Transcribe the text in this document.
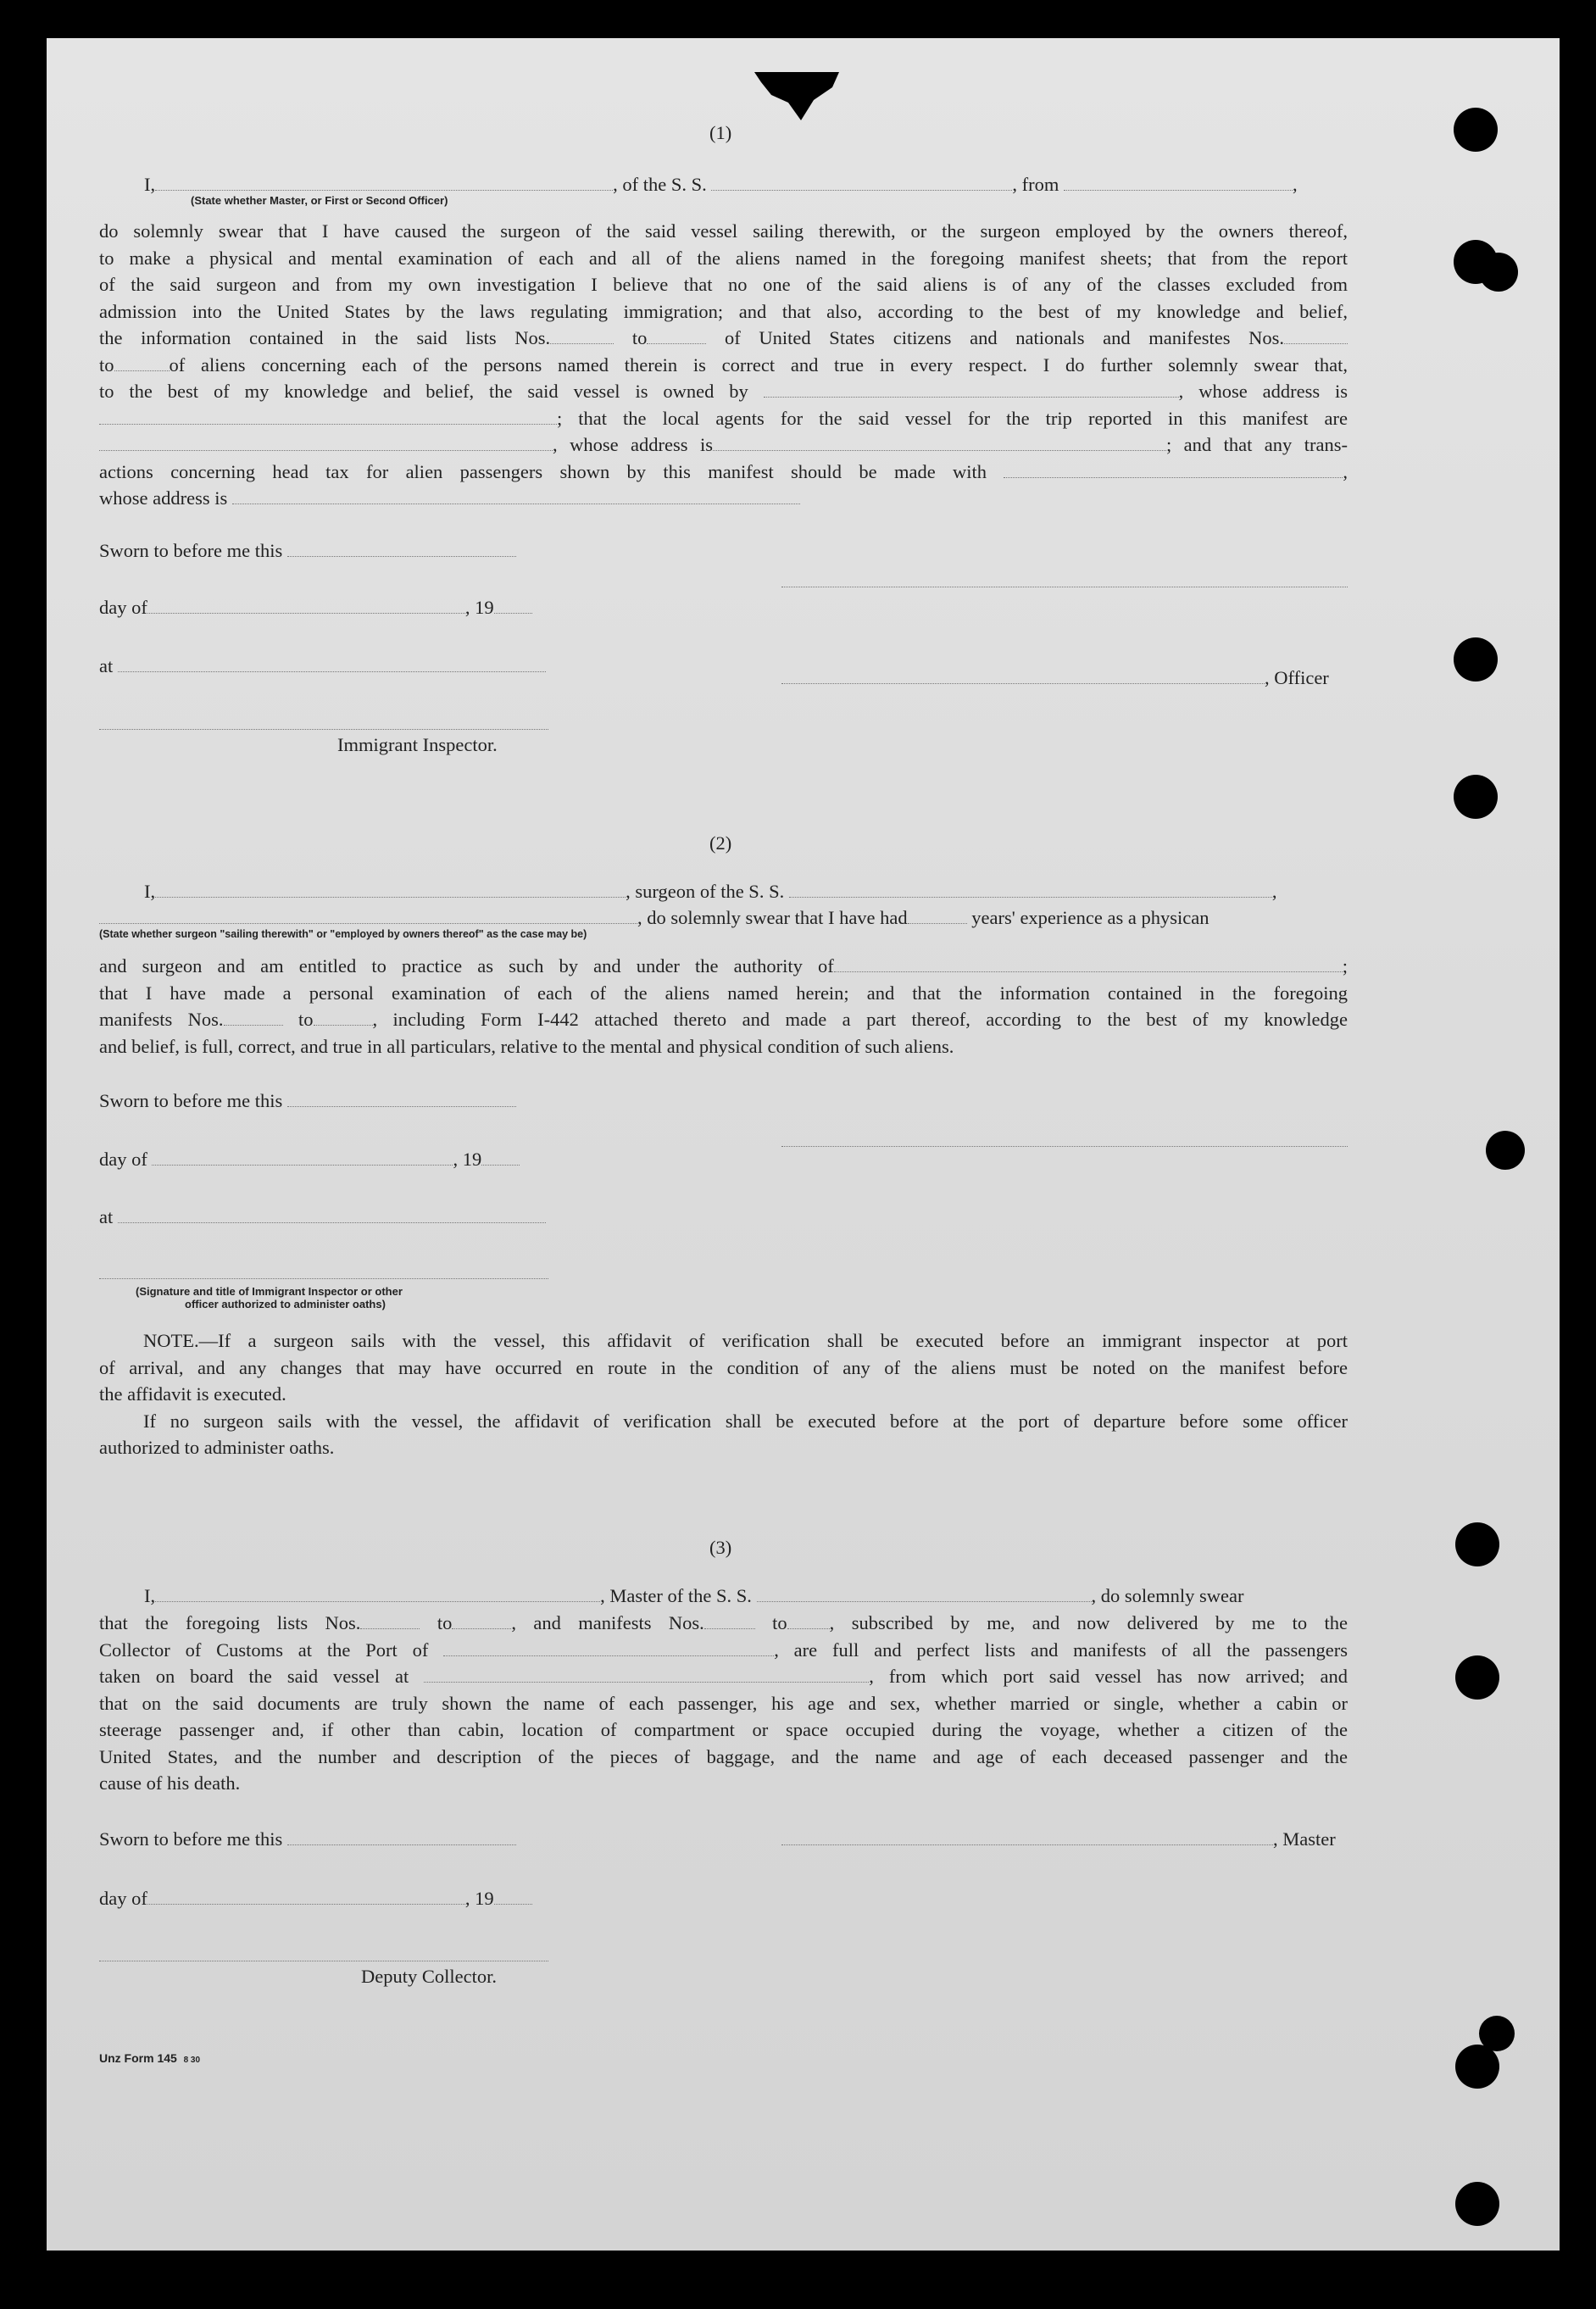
(1)
I,	, of the S. S.	, from	,
(State whether Master, or First or Second Officer)

do solemnly swear that I have caused the surgeon of the said vessel sailing therewith, or the surgeon employed by the owners thereof,

to make a physical and mental examination of each and all of the aliens named in the foregoing manifest sheets; that from the report

of the said surgeon and from my own investigation I believe that no one of the said aliens is of any of the classes excluded from

admission into the United States by the laws regulating immigration; and that also, according to the best of my knowledge and belief,

the information contained in the said lists Nos.	to	of United States citizens and nationals and manifestes Nos.

to	of aliens concerning each of the persons named therein is correct and true in every respect. I do further solemnly swear that,

to the best of my knowledge and belief, the said vessel is owned by	, whose address is

; that the local agents for the said vessel for the trip reported in this manifest are

, whose address is	; and that any trans-

actions concerning head tax for alien passengers shown by this manifest should be made with	,

whose address is

Sworn to before me this
day of	, 19
at
, Officer
Immigrant Inspector.
(2)
I,	, surgeon of the S. S.	,
, do solemnly swear that I have had	years' experience as a physican
(State whether surgeon "sailing therewith" or "employed by owners thereof" as the case may be)

and surgeon and am entitled to practice as such by and under the authority of	;

that I have made a personal examination of each of the aliens named herein; and that the information contained in the foregoing

manifests Nos.	to	, including Form I-442 attached thereto and made a part thereof, according to the best of my knowledge

and belief, is full, correct, and true in all particulars, relative to the mental and physical condition of such aliens.

Sworn to before me this
day of	, 19
at
(Signature and title of Immigrant Inspector or other
officer authorized to administer oaths)

NOTE.—If a surgeon sails with the vessel, this affidavit of verification shall be executed before an immigrant inspector at port

of arrival, and any changes that may have occurred en route in the condition of any of the aliens must be noted on the manifest before

the affidavit is executed.

If no surgeon sails with the vessel, the affidavit of verification shall be executed before at the port of departure before some officer

authorized to administer oaths.

(3)
I,	, Master of the S. S.	, do solemnly swear

that the foregoing lists Nos.	to	, and manifests Nos.	to , subscribed by me, and now delivered by me to the

Collector of Customs at the Port of	, are full and perfect lists and manifests of all the passengers

taken on board the said vessel at	, from which port said vessel has now arrived; and

that on the said documents are truly shown the name of each passenger, his age and sex, whether married or single, whether a cabin or

steerage passenger and, if other than cabin, location of compartment or space occupied during the voyage, whether a citizen of the

United States, and the number and description of the pieces of baggage, and the name and age of each deceased passenger and the

cause of his death.

Sworn to before me this	, Master
day of	, 19
Deputy Collector.
Unz Form 145 8 30
